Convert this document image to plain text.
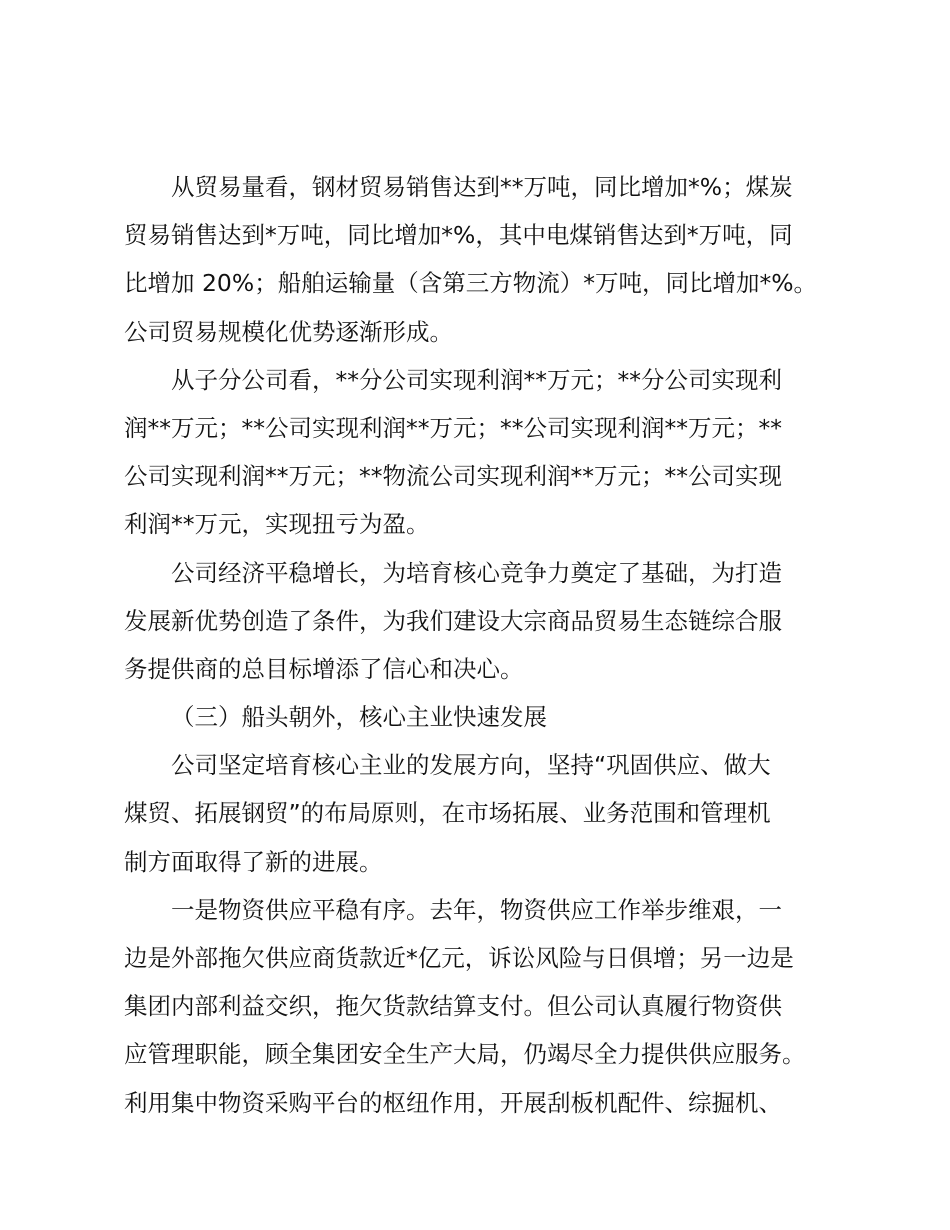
从贸易量看，钢材贸易销售达到**万吨，同比增加*%；煤炭
贸易销售达到*万吨，同比增加*%，其中电煤销售达到*万吨，同
比增加 20%；船舶运输量（含第三方物流）*万吨，同比增加*%。
公司贸易规模化优势逐渐形成。
从子分公司看，**分公司实现利润**万元；**分公司实现利
润**万元；**公司实现利润**万元；**公司实现利润**万元；**
公司实现利润**万元；**物流公司实现利润**万元；**公司实现
利润**万元，实现扭亏为盈。
公司经济平稳增长，为培育核心竞争力奠定了基础，为打造
发展新优势创造了条件，为我们建设大宗商品贸易生态链综合服
务提供商的总目标增添了信心和决心。
（三）船头朝外，核心主业快速发展
公司坚定培育核心主业的发展方向，坚持“巩固供应、做大
煤贸、拓展钢贸”的布局原则，在市场拓展、业务范围和管理机
制方面取得了新的进展。
一是物资供应平稳有序。去年，物资供应工作举步维艰，一
边是外部拖欠供应商货款近*亿元，诉讼风险与日俱增；另一边是
集团内部利益交织，拖欠货款结算支付。但公司认真履行物资供
应管理职能，顾全集团安全生产大局，仍竭尽全力提供供应服务。
利用集中物资采购平台的枢纽作用，开展刮板机配件、综掘机、
